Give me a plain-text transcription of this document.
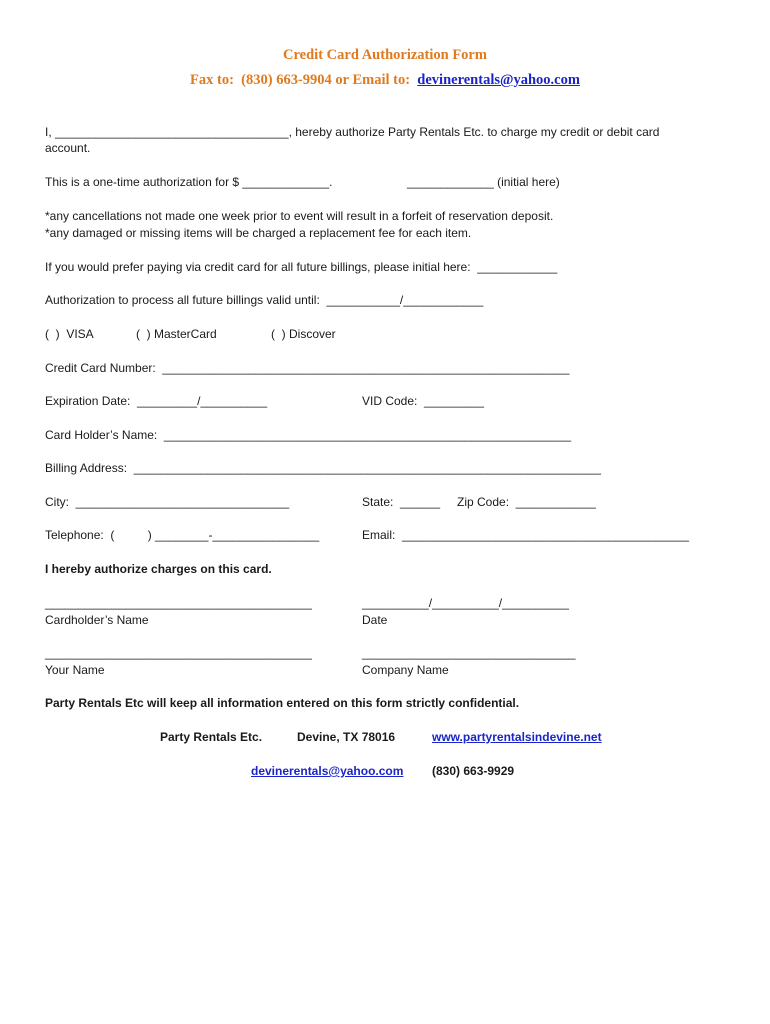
Credit Card Authorization Form
Fax to:  (830) 663-9904 or Email to:  devinerentals@yahoo.com
I, ___________________________________, hereby authorize Party Rentals Etc. to charge my credit or debit card
account.
This is a one-time authorization for $ _____________.	_____________ (initial here)
*any cancellations not made one week prior to event will result in a forfeit of reservation deposit.
*any damaged or missing items will be charged a replacement fee for each item.
If you would prefer paying via credit card for all future billings, please initial here:  ____________
Authorization to process all future billings valid until:  ___________/____________
(  )  VISA	(  ) MasterCard	(  ) Discover
Credit Card Number:  _____________________________________________________________
Expiration Date:  _________/__________	VID Code:  _________
Card Holder’s Name:  _____________________________________________________________
Billing Address:  ______________________________________________________________________
City:  ________________________________	State:  ______ Zip Code:  ____________
Telephone:  (          ) ________-________________	Email:  ___________________________________________
I hereby authorize charges on this card.
________________________________________
Cardholder’s Name
__________/__________/__________
Date
________________________________________
Your Name
________________________________
Company Name
Party Rentals Etc will keep all information entered on this form strictly confidential.
Party Rentals Etc.	Devine, TX 78016	www.partyrentalsindevine.net
devinerentals@yahoo.com (830) 663-9929
